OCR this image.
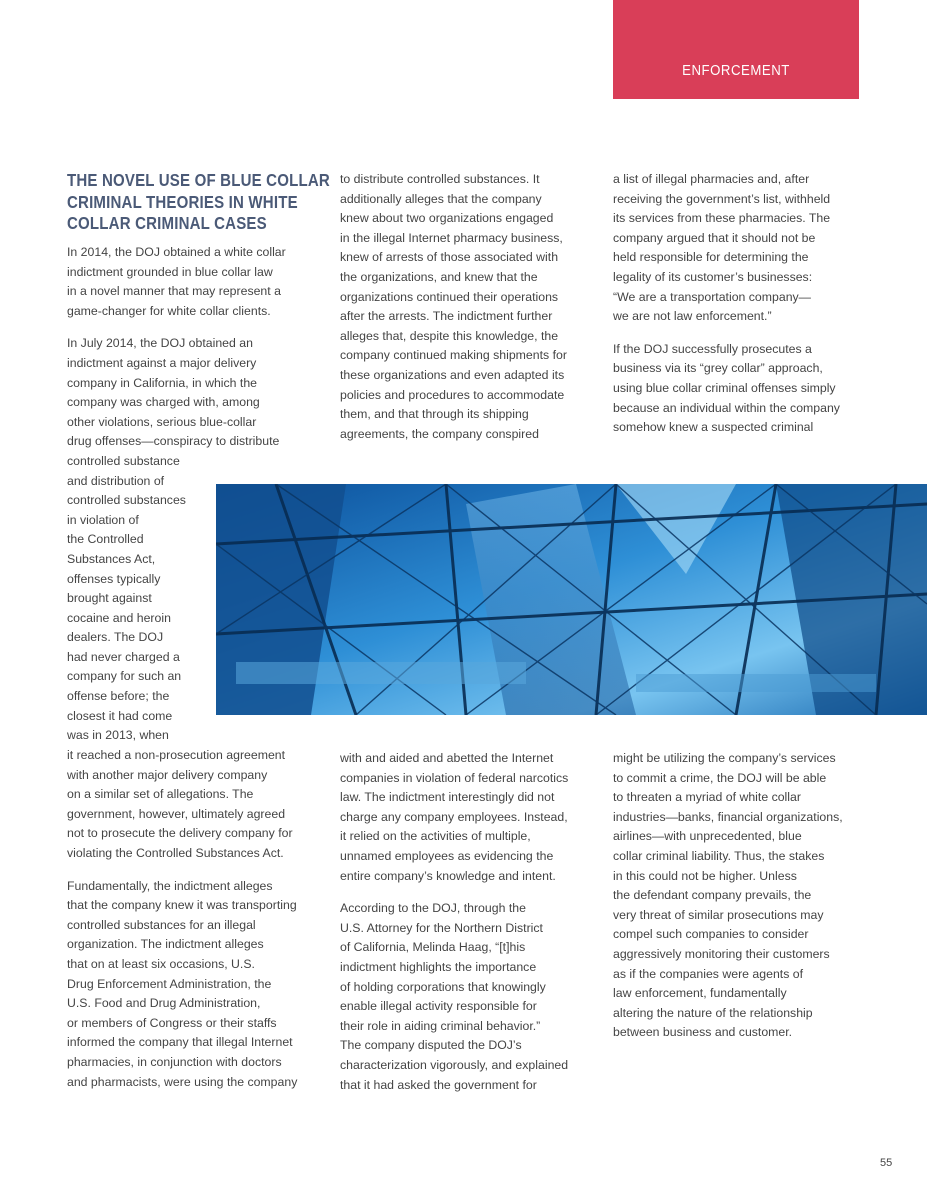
ENFORCEMENT
THE NOVEL USE OF BLUE COLLAR
CRIMINAL THEORIES IN WHITE
COLLAR CRIMINAL CASES

In 2014, the DOJ obtained a white collar
indictment grounded in blue collar law
in a novel manner that may represent a
game-changer for white collar clients.

In July 2014, the DOJ obtained an
indictment against a major delivery
company in California, in which the
company was charged with, among
other violations, serious blue-collar
drug offenses—conspiracy to distribute
controlled substance
and distribution of
controlled substances
in violation of
the Controlled
Substances Act,
offenses typically
brought against
cocaine and heroin
dealers. The DOJ
had never charged a
company for such an
offense before; the
closest it had come
was in 2013, when

to distribute controlled substances. It
additionally alleges that the company
knew about two organizations engaged
in the illegal Internet pharmacy business,
knew of arrests of those associated with
the organizations, and knew that the
organizations continued their operations
after the arrests. The indictment further
alleges that, despite this knowledge, the
company continued making shipments for
these organizations and even adapted its
policies and procedures to accommodate
them, and that through its shipping
agreements, the company conspired

a list of illegal pharmacies and, after
receiving the government’s list, withheld
its services from these pharmacies. The
company argued that it should not be
held responsible for determining the
legality of its customer’s businesses:
“We are a transportation company—
we are not law enforcement.”

If the DOJ successfully prosecutes a
business via its “grey collar” approach,
using blue collar criminal offenses simply
because an individual within the company
somehow knew a suspected criminal

it reached a non-prosecution agreement
with another major delivery company
on a similar set of allegations. The
government, however, ultimately agreed
not to prosecute the delivery company for
violating the Controlled Substances Act.

Fundamentally, the indictment alleges
that the company knew it was transporting
controlled substances for an illegal
organization. The indictment alleges
that on at least six occasions, U.S.
Drug Enforcement Administration, the
U.S. Food and Drug Administration,
or members of Congress or their staffs
informed the company that illegal Internet
pharmacies, in conjunction with doctors
and pharmacists, were using the company

with and aided and abetted the Internet
companies in violation of federal narcotics
law. The indictment interestingly did not
charge any company employees. Instead,
it relied on the activities of multiple,
unnamed employees as evidencing the
entire company’s knowledge and intent.

According to the DOJ, through the
U.S. Attorney for the Northern District
of California, Melinda Haag, “[t]his
indictment highlights the importance
of holding corporations that knowingly
enable illegal activity responsible for
their role in aiding criminal behavior.”
The company disputed the DOJ’s
characterization vigorously, and explained
that it had asked the government for

might be utilizing the company’s services
to commit a crime, the DOJ will be able
to threaten a myriad of white collar
industries—banks, financial organizations,
airlines—with unprecedented, blue
collar criminal liability. Thus, the stakes
in this could not be higher. Unless
the defendant company prevails, the
very threat of similar prosecutions may
compel such companies to consider
aggressively monitoring their customers
as if the companies were agents of
law enforcement, fundamentally
altering the nature of the relationship
between business and customer.

55
